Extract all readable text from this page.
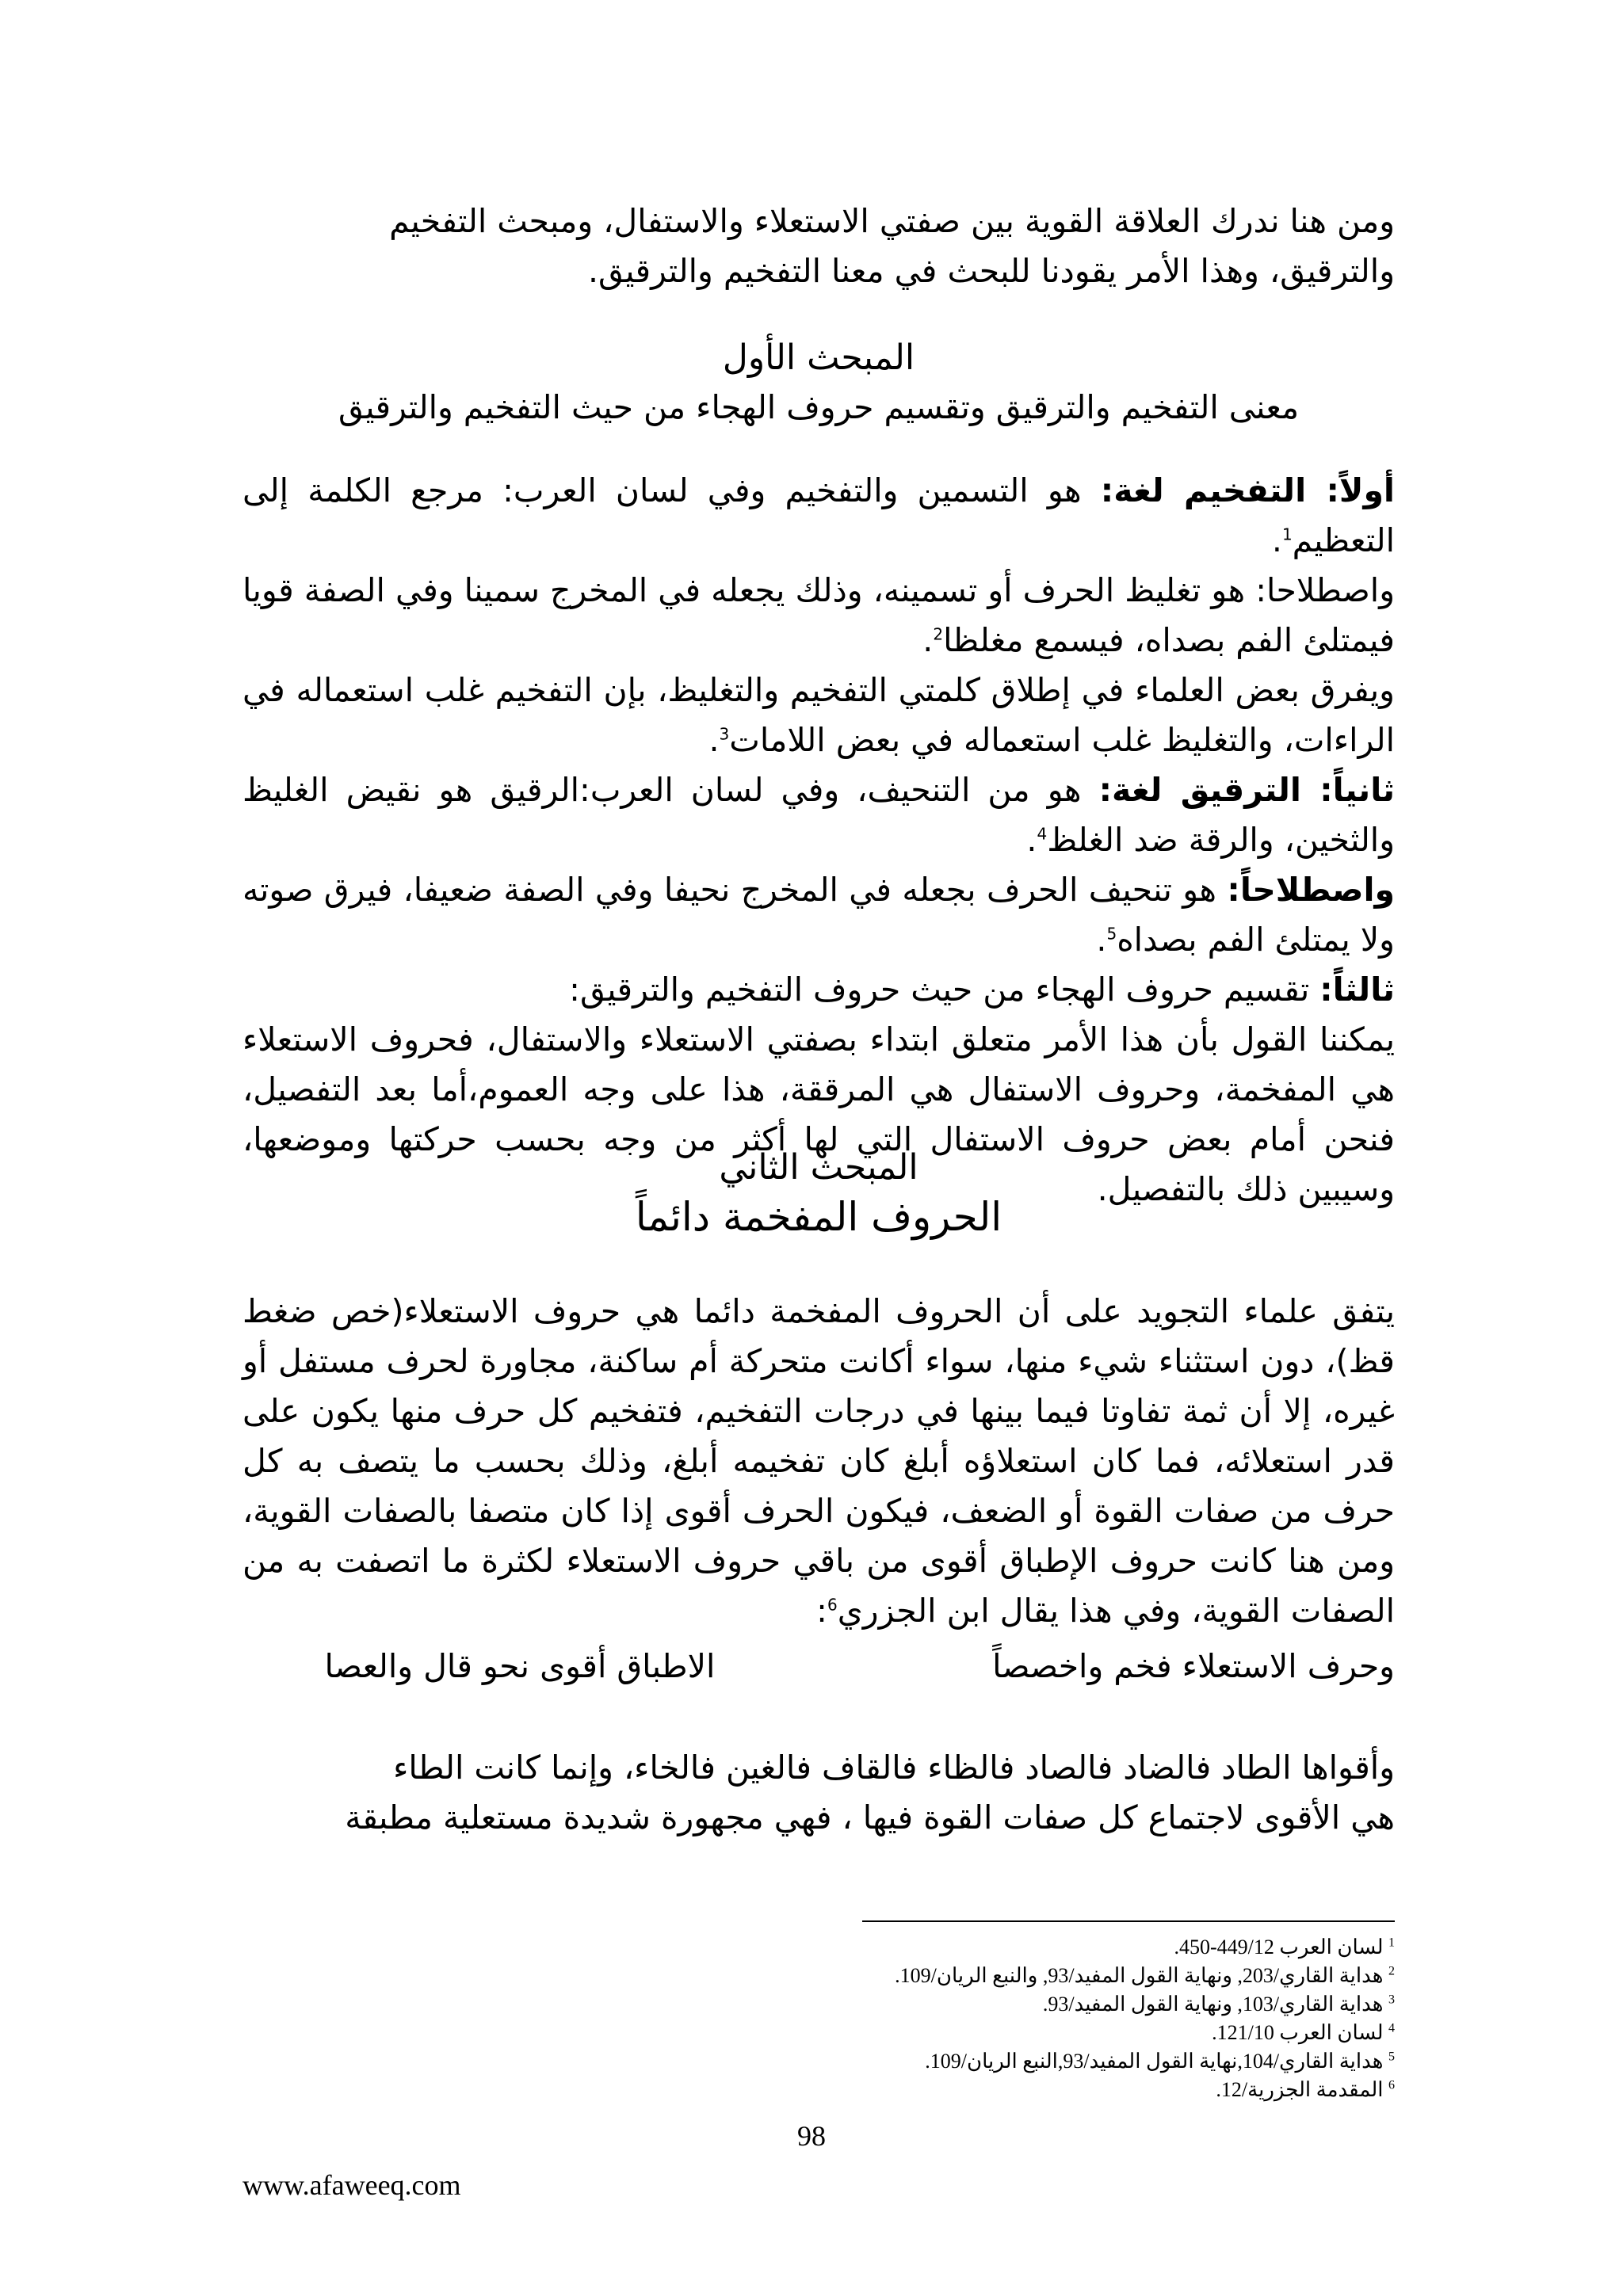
ومن هنا ندرك العلاقة القوية بين صفتي الاستعلاء والاستفال، ومبحث التفخيم
والترقيق، وهذا الأمر يقودنا للبحث في معنا التفخيم والترقيق.

المبحث الأول
معنى التفخيم والترقيق وتقسيم حروف الهجاء من حيث التفخيم والترقيق

أولاً: التفخيم لغة: هو التسمين والتفخيم وفي لسان العرب: مرجع الكلمة إلى التعظيم$^1$.
واصطلاحا: هو تغليظ الحرف أو تسمينه، وذلك يجعله في المخرج سمينا وفي الصفة قويا فيمتلئ الفم بصداه، فيسمع مغلظا$^2$.
ويفرق بعض العلماء في إطلاق كلمتي التفخيم والتغليظ، بإن التفخيم غلب استعماله في الراءات، والتغليظ غلب استعماله في بعض اللامات$^3$.
ثانياً: الترقيق لغة: هو من التنحيف، وفي لسان العرب:الرقيق هو نقيض الغليظ والثخين، والرقة ضد الغلظ$^4$.
واصطلاحاً: هو تنحيف الحرف بجعله في المخرج نحيفا وفي الصفة ضعيفا، فيرق صوته ولا يمتلئ الفم بصداه$^5$.
ثالثاً: تقسيم حروف الهجاء من حيث حروف التفخيم والترقيق:
يمكننا القول بأن هذا الأمر متعلق ابتداء بصفتي الاستعلاء والاستفال، فحروف الاستعلاء هي المفخمة، وحروف الاستفال هي المرققة، هذا على وجه العموم،أما بعد التفصيل، فنحن أمام بعض حروف الاستفال التي لها أكثر من وجه بحسب حركتها وموضعها، وسيبين ذلك بالتفصيل.

المبحث الثاني
الحروف المفخمة دائماً

يتفق علماء التجويد على أن الحروف المفخمة دائما هي حروف الاستعلاء(خص ضغط قظ)، دون استثناء شيء منها، سواء أكانت متحركة أم ساكنة، مجاورة لحرف مستفل أو غيره، إلا أن ثمة تفاوتا فيما بينها في درجات التفخيم، فتفخيم كل حرف منها يكون على قدر استعلائه، فما كان استعلاؤه أبلغ كان تفخيمه أبلغ، وذلك بحسب ما يتصف به كل حرف من صفات القوة أو الضعف، فيكون الحرف أقوى إذا كان متصفا بالصفات القوية، ومن هنا كانت حروف الإطباق أقوى من باقي حروف الاستعلاء لكثرة ما اتصفت به من الصفات القوية، وفي هذا يقال ابن الجزري$^6$:
وحرف الاستعلاء فخم واخصصاً
الاطباق أقوى نحو قال والعصا

وأقواها الطاد فالضاد فالصاد فالظاء فالقاف فالغين فالخاء، وإنما كانت الطاء
هي الأقوى لاجتماع كل صفات القوة فيها ، فهي مجهورة شديدة مستعلية مطبقة

$^1$ لسان العرب 449/12-450.
$^2$ هداية القاري/203, ونهاية القول المفيد/93, والنبع الريان/109.
$^3$ هداية القاري/103, ونهاية القول المفيد/93.
$^4$ لسان العرب 121/10.
$^5$ هداية القاري/104,نهاية القول المفيد/93,النبع الريان/109.
$^6$ المقدمة الجزرية/12.
98
www.afaweeq.com
